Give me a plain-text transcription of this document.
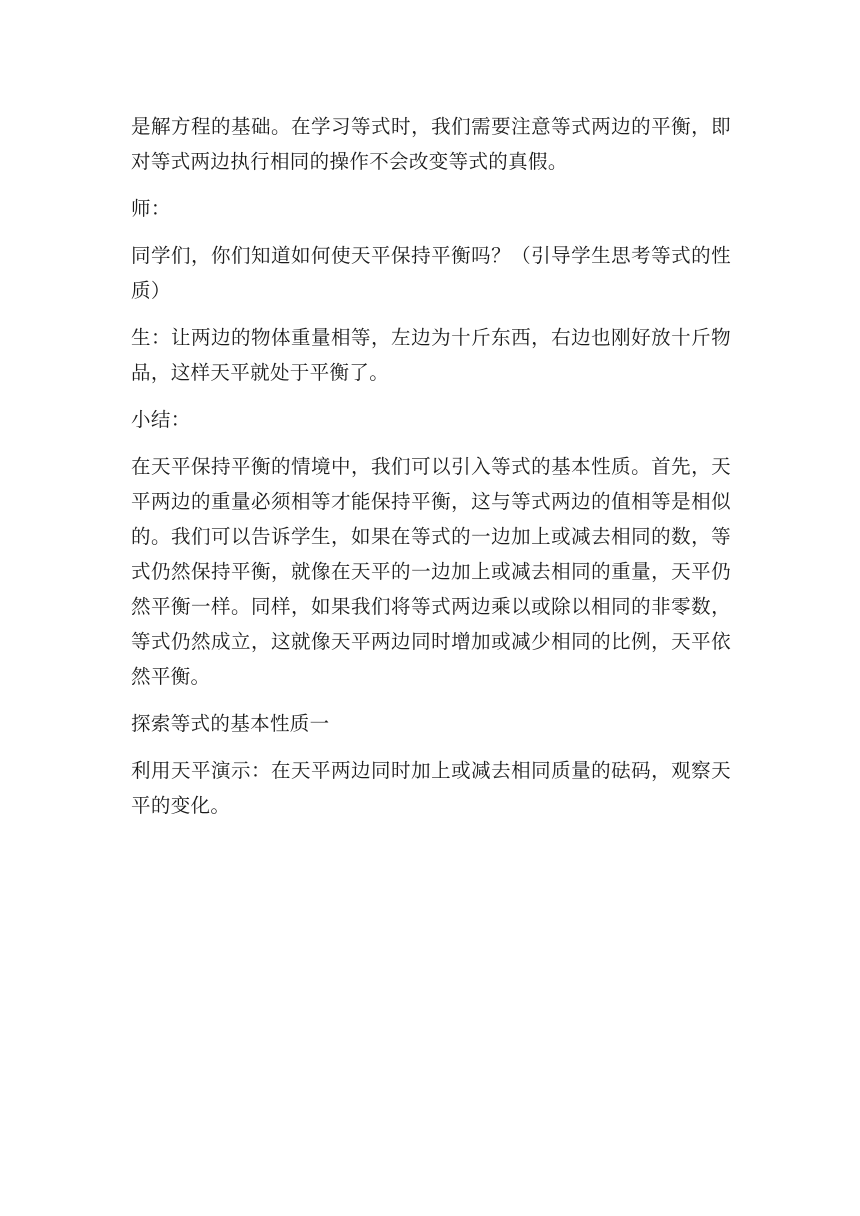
是解方程的基础。在学习等式时，我们需要注意等式两边的平衡，即对等式两边执行相同的操作不会改变等式的真假。

师：

同学们，你们知道如何使天平保持平衡吗？（引导学生思考等式的性质）

生：让两边的物体重量相等，左边为十斤东西，右边也刚好放十斤物品，这样天平就处于平衡了。

小结：

在天平保持平衡的情境中，我们可以引入等式的基本性质。首先，天平两边的重量必须相等才能保持平衡，这与等式两边的值相等是相似的。我们可以告诉学生，如果在等式的一边加上或减去相同的数，等式仍然保持平衡，就像在天平的一边加上或减去相同的重量，天平仍然平衡一样。同样，如果我们将等式两边乘以或除以相同的非零数，等式仍然成立，这就像天平两边同时增加或减少相同的比例，天平依然平衡。

探索等式的基本性质一

利用天平演示：在天平两边同时加上或减去相同质量的砝码，观察天平的变化。
